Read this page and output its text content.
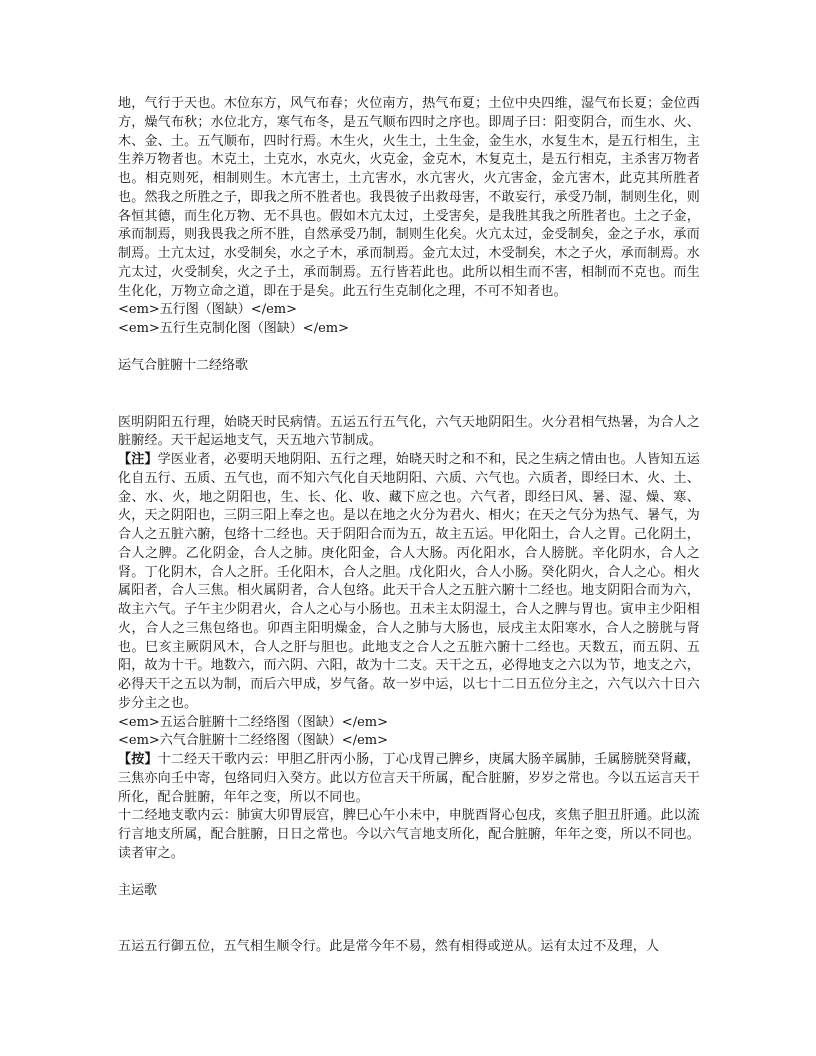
地，气行于天也。木位东方，风气布春；火位南方，热气布夏；土位中央四维，湿气布长夏；金位西方，燥气布秋；水位北方，寒气布冬，是五气顺布四时之序也。即周子曰：阳变阴合，而生水、火、木、金、土。五气顺布，四时行焉。木生火，火生土，土生金，金生水，水复生木，是五行相生，主生养万物者也。木克土，土克水，水克火，火克金，金克木，木复克土，是五行相克，主杀害万物者也。相克则死，相制则生。木亢害土，土亢害水，水亢害火，火亢害金，金亢害木，此克其所胜者也。然我之所胜之子，即我之所不胜者也。我畏彼子出救母害，不敢妄行，承受乃制，制则生化，则各恒其德，而生化万物、无不具也。假如木亢太过，土受害矣，是我胜其我之所胜者也。土之子金，承而制焉，则我畏我之所不胜，自然承受乃制，制则生化矣。火亢太过，金受制矣，金之子水，承而制焉。土亢太过，水受制矣，水之子木，承而制焉。金亢太过，木受制矣，木之子火，承而制焉。水亢太过，火受制矣，火之子土，承而制焉。五行皆若此也。此所以相生而不害，相制而不克也。而生生化化，万物立命之道，即在于是矣。此五行生克制化之理，不可不知者也。

<em>五行图（图缺）</em>

<em>五行生克制化图（图缺）</em>

运气合脏腑十二经络歌

医明阴阳五行理，始晓天时民病情。五运五行五气化，六气天地阴阳生。火分君相气热暑，为合人之脏腑经。天干起运地支气，天五地六节制成。

【注】学医业者，必要明天地阴阳、五行之理，始晓天时之和不和，民之生病之情由也。人皆知五运化自五行、五质、五气也，而不知六气化自天地阴阳、六质、六气也。六质者，即经曰木、火、土、金、水、火，地之阴阳也，生、长、化、收、藏下应之也。六气者，即经曰风、暑、湿、燥、寒、火，天之阴阳也，三阴三阳上奉之也。是以在地之火分为君火、相火；在天之气分为热气、暑气，为合人之五脏六腑，包络十二经也。天于阴阳合而为五，故主五运。甲化阳土，合人之胃。己化阴土，合人之脾。乙化阴金，合人之肺。庚化阳金，合人大肠。丙化阳水，合人膀胱。辛化阴水，合人之肾。丁化阴木，合人之肝。壬化阳木，合人之胆。戊化阳火，合人小肠。癸化阴火，合人之心。相火属阳者，合人三焦。相火属阴者，合人包络。此天干合人之五脏六腑十二经也。地支阴阳合而为六，故主六气。子午主少阴君火，合人之心与小肠也。丑未主太阴湿土，合人之脾与胃也。寅申主少阳相火，合人之三焦包络也。卯酉主阳明燥金，合人之肺与大肠也，辰戌主太阳寒水，合人之膀胱与肾也。巳亥主厥阴风木，合人之肝与胆也。此地支之合人之五脏六腑十二经也。天数五，而五阴、五阳，故为十干。地数六，而六阴、六阳，故为十二支。天干之五，必得地支之六以为节，地支之六，必得天干之五以为制，而后六甲成，岁气备。故一岁中运，以七十二日五位分主之，六气以六十日六步分主之也。

<em>五运合脏腑十二经络图（图缺）</em>

<em>六气合脏腑十二经络图（图缺）</em>

【按】十二经天干歌内云：甲胆乙肝丙小肠，丁心戊胃己脾乡，庚属大肠辛属肺，壬属膀胱癸肾藏，三焦亦向壬中寄，包络同归入癸方。此以方位言天干所属，配合脏腑，岁岁之常也。今以五运言天干所化，配合脏腑，年年之变，所以不同也。

十二经地支歌内云：肺寅大卯胃辰宫，脾巳心午小未中，申胱酉肾心包戌，亥焦子胆丑肝通。此以流行言地支所属，配合脏腑，日日之常也。今以六气言地支所化，配合脏腑，年年之变，所以不同也。读者审之。

主运歌

五运五行御五位，五气相生顺令行。此是常今年不易，然有相得或逆从。运有太过不及理，人
